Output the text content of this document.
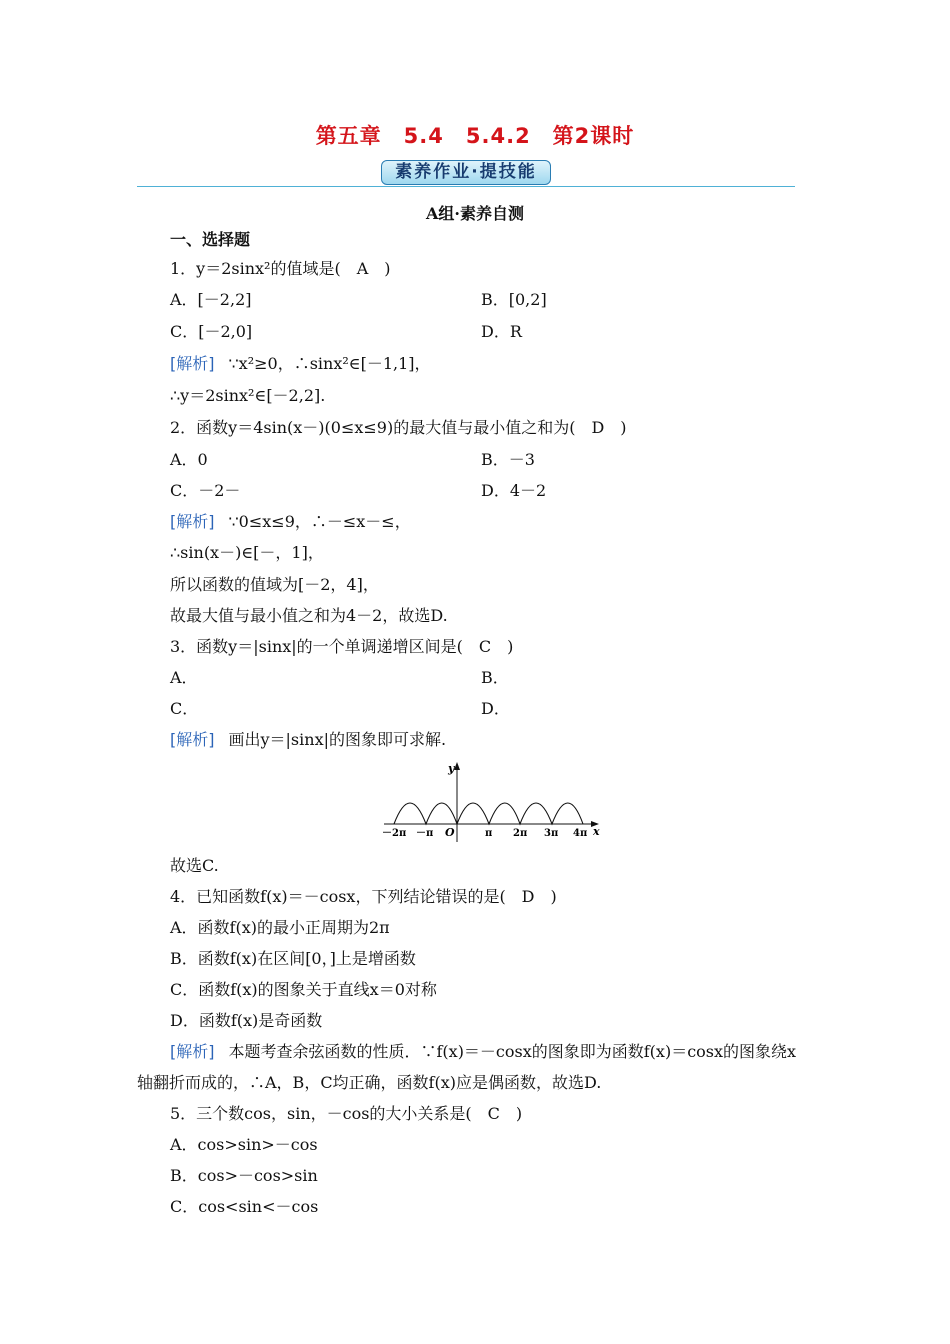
第五章　5.4　5.4.2　第2课时
素养作业·提技能
A组·素养自测
一、选择题
1．y＝2sinx²的值域是(　A　)
A．[－2,2]	B．[0,2]
C．[－2,0]	D．R
[解析] ∵x²≥0，∴sinx²∈[－1,1]，
∴y＝2sinx²∈[－2,2].
2．函数y＝4sin(x－)(0≤x≤9)的最大值与最小值之和为(　D　)
A．0	B．－3
C．－2－	D．4－2
[解析] ∵0≤x≤9，∴－≤x－≤，
∴sin(x－)∈[－，1]，
所以函数的值域为[－2，4]，
故最大值与最小值之和为4－2，故选D.
3．函数y＝|sinx|的一个单调递增区间是(　C　)
A．	B．
C．	D．
[解析] 画出y＝|sinx|的图象即可求解.
y
x
O
－2π －π	π 2π 3π 4π
故选C.
4．已知函数f(x)＝－cosx，下列结论错误的是(　D　)
A．函数f(x)的最小正周期为2π
B．函数f(x)在区间[0，]上是增函数
C．函数f(x)的图象关于直线x＝0对称
D．函数f(x)是奇函数
[解析] 本题考查余弦函数的性质．∵f(x)＝－cosx的图象即为函数f(x)＝cosx的图象绕x
轴翻折而成的，∴A，B，C均正确，函数f(x)应是偶函数，故选D.
5．三个数cos，sin，－cos的大小关系是(　C　)
A．cos>sin>－cos
B．cos>－cos>sin
C．cos<sin<－cos
